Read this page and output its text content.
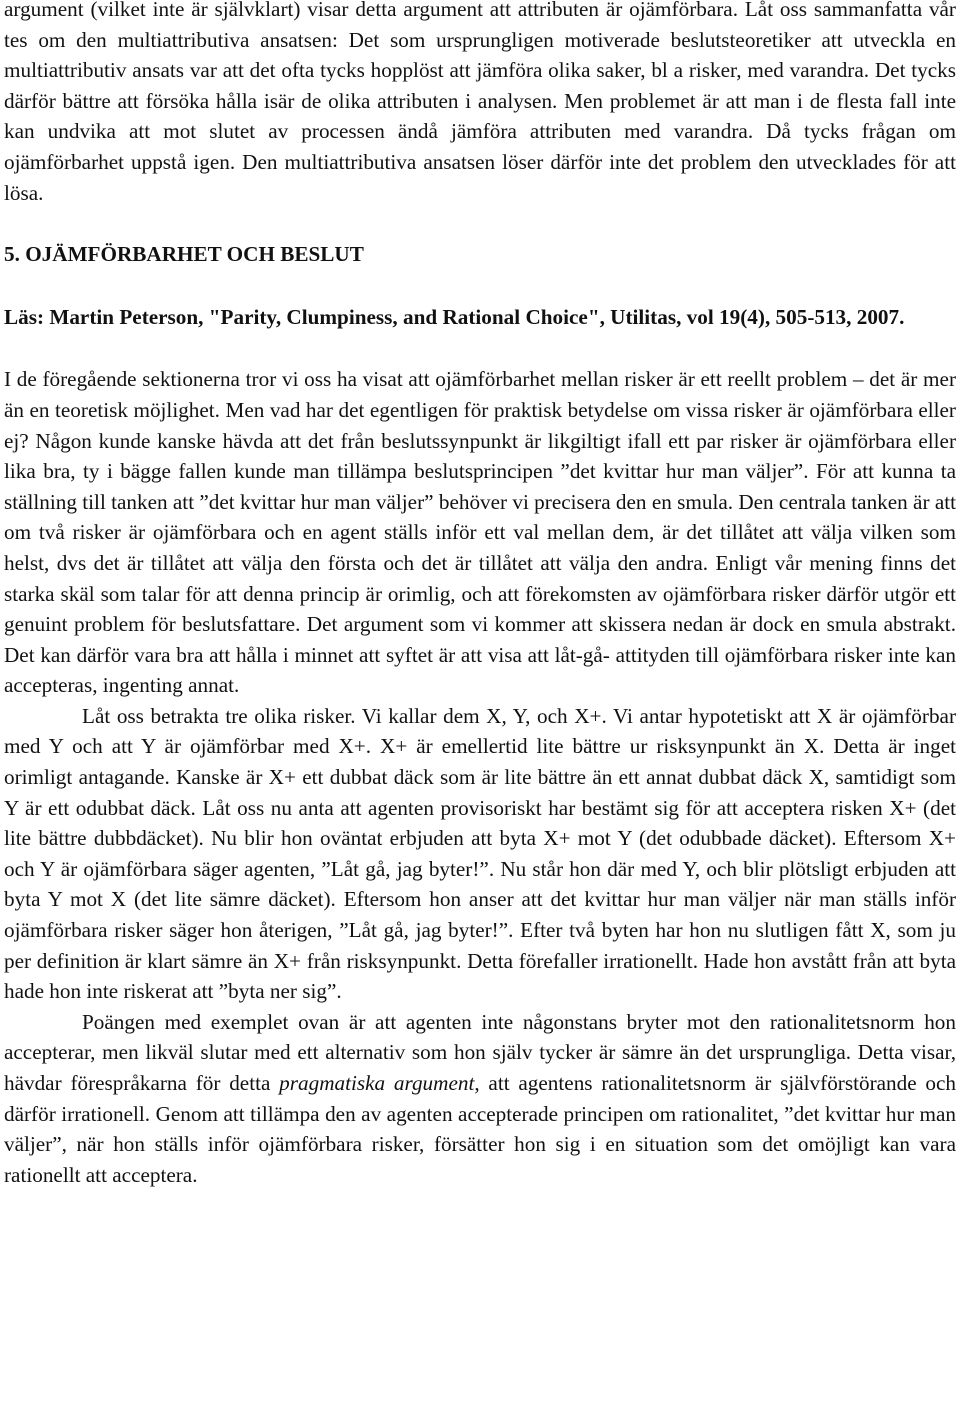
argument (vilket inte är självklart) visar detta argument att attributen är ojämförbara. Låt oss sammanfatta vår tes om den multiattributiva ansatsen: Det som ursprungligen motiverade beslutsteoretiker att utveckla en multiattributiv ansats var att det ofta tycks hopplöst att jämföra olika saker, bl a risker, med varandra. Det tycks därför bättre att försöka hålla isär de olika attributen i analysen. Men problemet är att man i de flesta fall inte kan undvika att mot slutet av processen ändå jämföra attributen med varandra. Då tycks frågan om ojämförbarhet uppstå igen. Den multiattributiva ansatsen löser därför inte det problem den utvecklades för att lösa.

5. OJÄMFÖRBARHET OCH BESLUT

Läs: Martin Peterson, "Parity, Clumpiness, and Rational Choice", Utilitas, vol 19(4), 505-513, 2007.

I de föregående sektionerna tror vi oss ha visat att ojämförbarhet mellan risker är ett reellt problem – det är mer än en teoretisk möjlighet. Men vad har det egentligen för praktisk betydelse om vissa risker är ojämförbara eller ej? Någon kunde kanske hävda att det från beslutssynpunkt är likgiltigt ifall ett par risker är ojämförbara eller lika bra, ty i bägge fallen kunde man tillämpa beslutsprincipen ”det kvittar hur man väljer”. För att kunna ta ställning till tanken att ”det kvittar hur man väljer” behöver vi precisera den en smula. Den centrala tanken är att om två risker är ojämförbara och en agent ställs inför ett val mellan dem, är det tillåtet att välja vilken som helst, dvs det är tillåtet att välja den första och det är tillåtet att välja den andra. Enligt vår mening finns det starka skäl som talar för att denna princip är orimlig, och att förekomsten av ojämförbara risker därför utgör ett genuint problem för beslutsfattare. Det argument som vi kommer att skissera nedan är dock en smula abstrakt. Det kan därför vara bra att hålla i minnet att syftet är att visa att låt-gå- attityden till ojämförbara risker inte kan accepteras, ingenting annat.

Låt oss betrakta tre olika risker. Vi kallar dem X, Y, och X+. Vi antar hypotetiskt att X är ojämförbar med Y och att Y är ojämförbar med X+. X+ är emellertid lite bättre ur risksynpunkt än X. Detta är inget orimligt antagande. Kanske är X+ ett dubbat däck som är lite bättre än ett annat dubbat däck X, samtidigt som Y är ett odubbat däck. Låt oss nu anta att agenten provisoriskt har bestämt sig för att acceptera risken X+ (det lite bättre dubbdäcket). Nu blir hon oväntat erbjuden att byta X+ mot Y (det odubbade däcket). Eftersom X+ och Y är ojämförbara säger agenten, ”Låt gå, jag byter!”. Nu står hon där med Y, och blir plötsligt erbjuden att byta Y mot X (det lite sämre däcket). Eftersom hon anser att det kvittar hur man väljer när man ställs inför ojämförbara risker säger hon återigen, ”Låt gå, jag byter!”. Efter två byten har hon nu slutligen fått X, som ju per definition är klart sämre än X+ från risksynpunkt. Detta förefaller irrationellt. Hade hon avstått från att byta hade hon inte riskerat att ”byta ner sig”.

Poängen med exemplet ovan är att agenten inte någonstans bryter mot den rationalitetsnorm hon accepterar, men likväl slutar med ett alternativ som hon själv tycker är sämre än det ursprungliga. Detta visar, hävdar förespråkarna för detta pragmatiska argument, att agentens rationalitetsnorm är självförstörande och därför irrationell. Genom att tillämpa den av agenten accepterade principen om rationalitet, ”det kvittar hur man väljer”, när hon ställs inför ojämförbara risker, försätter hon sig i en situation som det omöjligt kan vara rationellt att acceptera.
